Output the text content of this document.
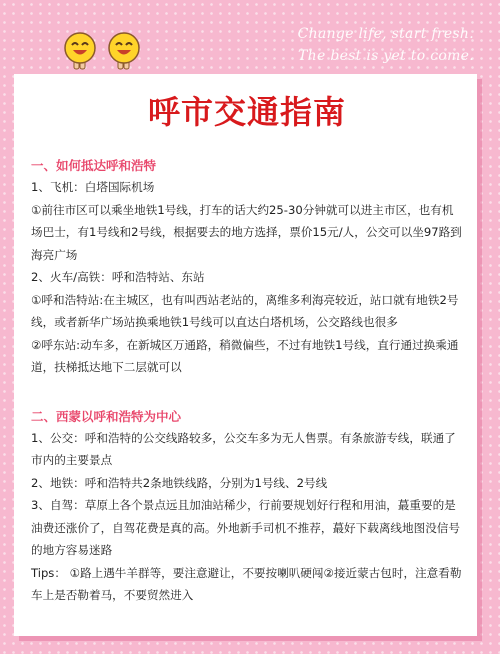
Change life, start fresh.
The best is yet to come.
呼市交通指南
一、如何抵达呼和浩特

1、飞机：白塔国际机场

①前往市区可以乘坐地铁1号线，打车的话大约25-30分钟就可以进主市区，也有机场巴士，有1号线和2号线，根据要去的地方选择，票价15元/人，公交可以坐97路到海亮广场

2、火车/高铁：呼和浩特站、东站

①呼和浩特站:在主城区，也有叫西站老站的，离维多利海亮较近，站口就有地铁2号线，或者新华广场站换乘地铁1号线可以直达白塔机场，公交路线也很多

②呼东站:动车多，在新城区万通路，稍微偏些，不过有地铁1号线，直行通过换乘通道，扶梯抵达地下二层就可以

二、西蒙以呼和浩特为中心

1、公交：呼和浩特的公交线路较多，公交车多为无人售票。有条旅游专线，联通了市内的主要景点

2、地铁：呼和浩特共2条地铁线路，分别为1号线、2号线

3、自驾：草原上各个景点远且加油站稀少，行前要规划好行程和用油，蕞重要的是油费还涨价了，自驾花费是真的高。外地新手司机不推荐，蕞好下载离线地图没信号的地方容易迷路

Tips： ①路上遇牛羊群等，要注意避让，不要按喇叭硬闯②接近蒙古包时，注意看勒车上是否勒着马，不要贸然进入
